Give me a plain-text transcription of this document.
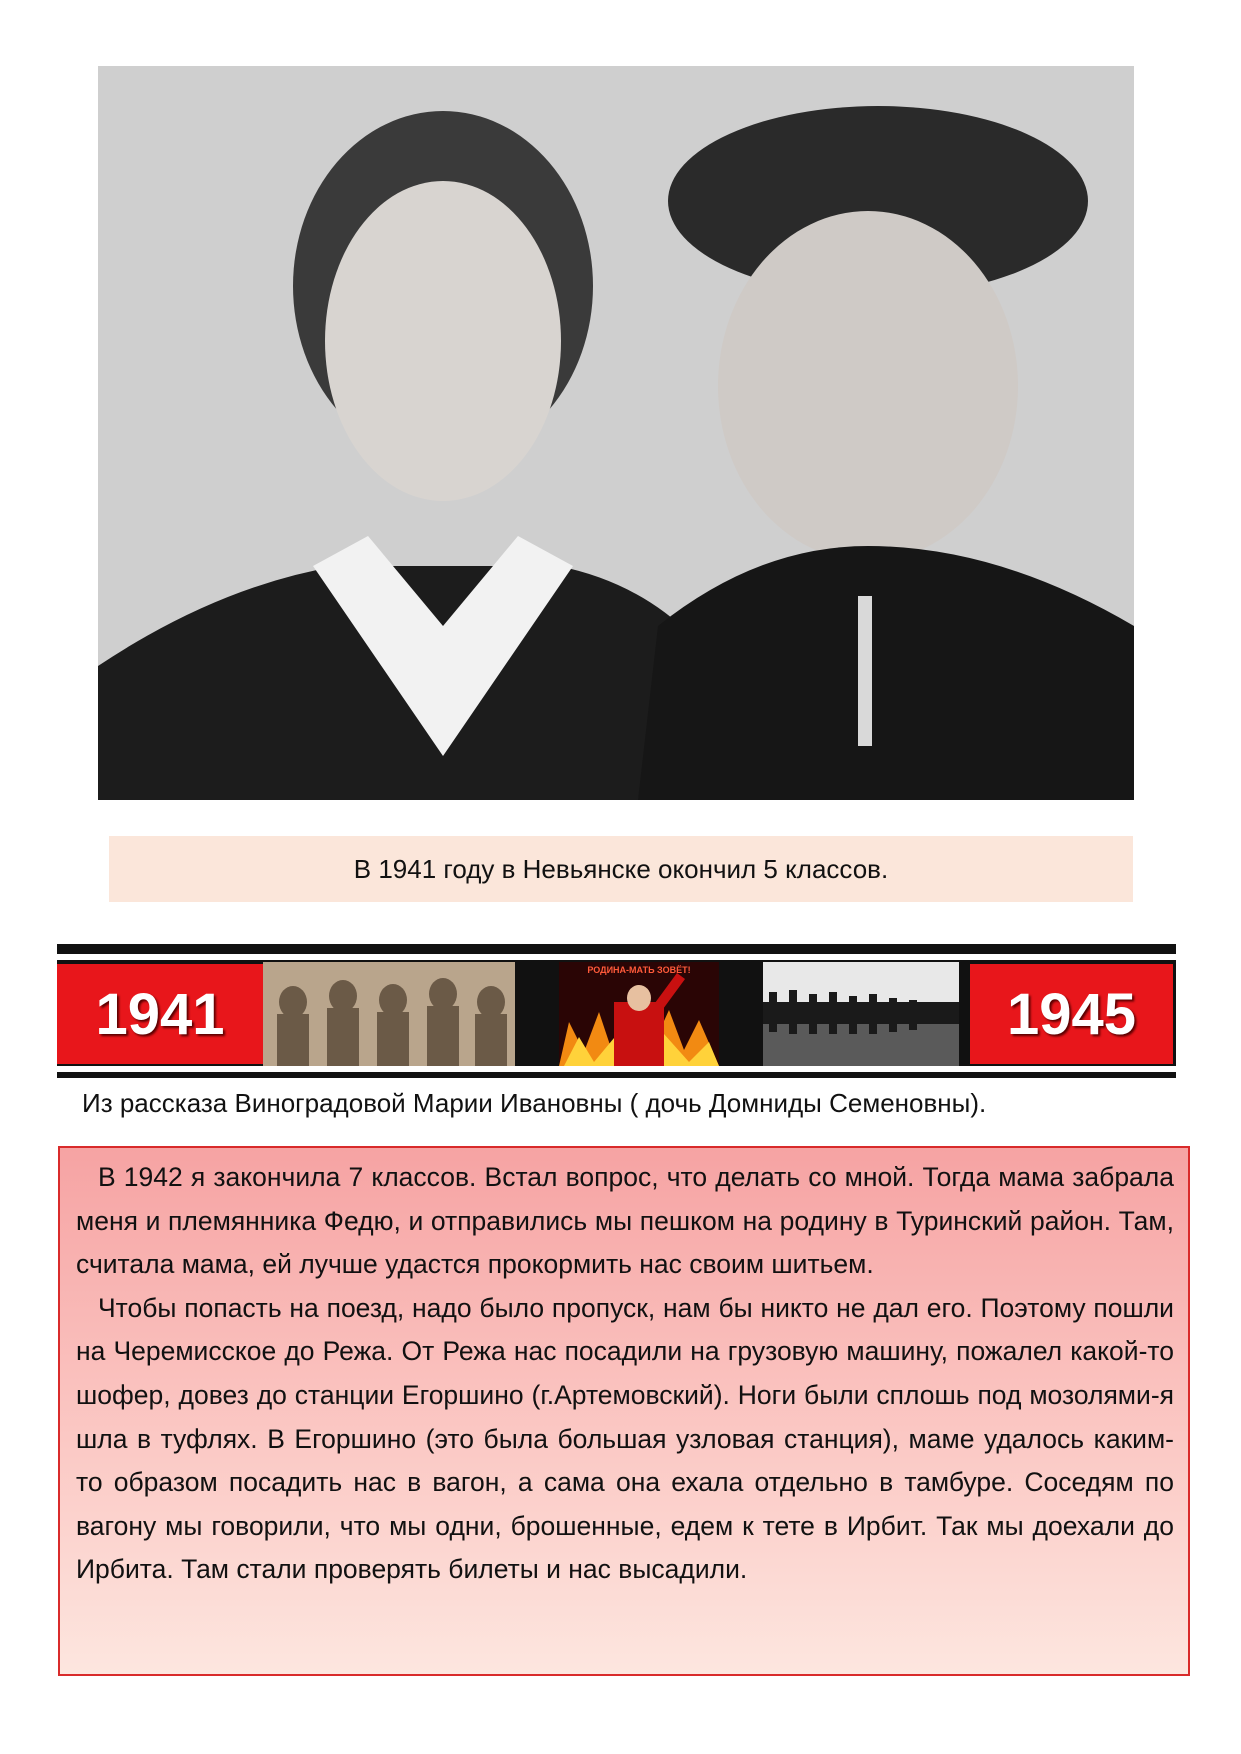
В 1941 году в Невьянске окончил 5 классов.
1941
РОДИНА-МАТЬ ЗОВЁТ!
1945
Из рассказа Виноградовой Марии Ивановны ( дочь Домниды Семеновны).

В 1942 я закончила 7 классов. Встал вопрос, что делать со мной. Тогда мама забрала меня и племянника Федю, и отправились мы пешком на родину в Туринский район. Там, считала мама, ей лучше удастся прокормить нас своим шитьем.

Чтобы попасть на поезд, надо было пропуск, нам бы никто не дал его. Поэтому пошли на Черемисское до Режа. От Режа нас посадили на грузовую машину, пожалел какой-то шофер, довез до станции Егоршино (г.Артемовский). Ноги были сплошь под мозолями-я шла в туфлях. В Егоршино (это была большая узловая станция), маме удалось каким-то образом посадить нас в вагон, а сама она ехала отдельно в тамбуре. Соседям по вагону мы говорили, что мы одни, брошенные, едем к тете в Ирбит. Так мы доехали до Ирбита. Там стали проверять билеты и нас высадили.
